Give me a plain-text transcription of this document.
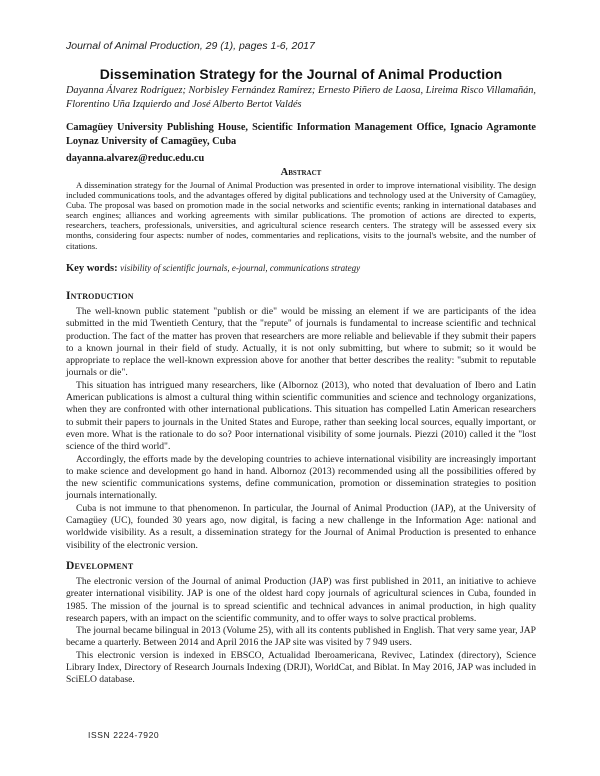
Journal of Animal Production, 29 (1), pages 1-6, 2017
Dissemination Strategy for the Journal of Animal Production
Dayanna Álvarez Rodríguez; Norbisley Fernández Ramírez; Ernesto Piñero de Laosa, Lireima Risco Villamañán, Florentino Uña Izquierdo and José Alberto Bertot Valdés
Camagüey University Publishing House, Scientific Information Management Office, Ignacio Agramonte Loynaz University of Camagüey, Cuba
dayanna.alvarez@reduc.edu.cu
Abstract
A dissemination strategy for the Journal of Animal Production was presented in order to improve international visibility. The design included communications tools, and the advantages offered by digital publications and technology used at the University of Camagüey, Cuba. The proposal was based on promotion made in the social networks and scientific events; ranking in international databases and search engines; alliances and working agreements with similar publications. The promotion of actions are directed to experts, researchers, teachers, professionals, universities, and agricultural science research centers. The strategy will be assessed every six months, considering four aspects: number of nodes, commentaries and replications, visits to the journal's website, and the number of citations.
Key words: visibility of scientific journals, e-journal, communications strategy
Introduction

The well-known public statement "publish or die" would be missing an element if we are participants of the idea submitted in the mid Twentieth Century, that the "repute" of journals is fundamental to increase scientific and technical production. The fact of the matter has proven that researchers are more reliable and believable if they submit their papers to a known journal in their field of study. Actually, it is not only submitting, but where to submit; so it would be appropriate to replace the well-known expression above for another that better describes the reality: "submit to reputable journals or die".

This situation has intrigued many researchers, like (Albornoz (2013), who noted that devaluation of Ibero and Latin American publications is almost a cultural thing within scientific communities and science and technology organizations, when they are confronted with other international publications. This situation has compelled Latin American researchers to submit their papers to journals in the United States and Europe, rather than seeking local sources, equally important, or even more. What is the rationale to do so? Poor international visibility of some journals. Piezzi (2010) called it the "lost science of the third world".

Accordingly, the efforts made by the developing countries to achieve international visibility are increasingly important to make science and development go hand in hand. Albornoz (2013) recommended using all the possibilities offered by the new scientific communications systems, define communication, promotion or dissemination strategies to position journals internationally.

Cuba is not immune to that phenomenon. In particular, the Journal of Animal Production (JAP), at the University of Camagüey (UC), founded 30 years ago, now digital, is facing a new challenge in the Information Age: national and worldwide visibility. As a result, a dissemination strategy for the Journal of Animal Production is presented to enhance visibility of the electronic version.

Development

The electronic version of the Journal of animal Production (JAP) was first published in 2011, an initiative to achieve greater international visibility. JAP is one of the oldest hard copy journals of agricultural sciences in Cuba, founded in 1985. The mission of the journal is to spread scientific and technical advances in animal production, in high quality research papers, with an impact on the scientific community, and to offer ways to solve practical problems.

The journal became bilingual in 2013 (Volume 25), with all its contents published in English. That very same year, JAP became a quarterly. Between 2014 and April 2016 the JAP site was visited by 7 949 users.

This electronic version is indexed in EBSCO, Actualidad Iberoamericana, Revivec, Latindex (directory), Science Library Index, Directory of Research Journals Indexing (DRJI), WorldCat, and Biblat. In May 2016, JAP was included in SciELO database.

ISSN 2224-7920
